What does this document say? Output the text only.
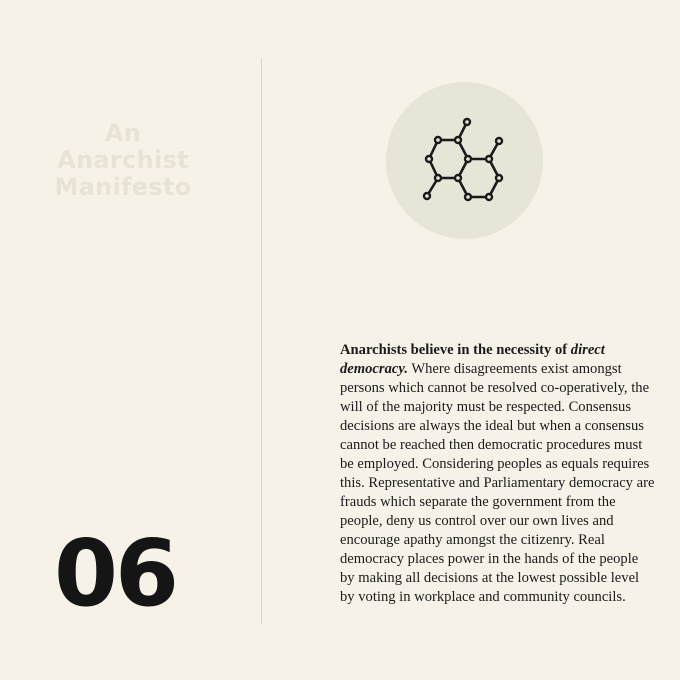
An
Anarchist
Manifesto
06
Anarchists believe in the necessity of direct democracy. Where disagreements exist amongst persons which cannot be resolved co-operatively, the will of the majority must be respected. Consensus decisions are always the ideal but when a consensus cannot be reached then democratic procedures must be employed. Considering peoples as equals requires this. Representative and Parliamentary democracy are frauds which separate the government from the people, deny us control over our own lives and encourage apathy amongst the citizenry. Real democracy places power in the hands of the people by making all decisions at the lowest possible level by voting in workplace and community councils.
